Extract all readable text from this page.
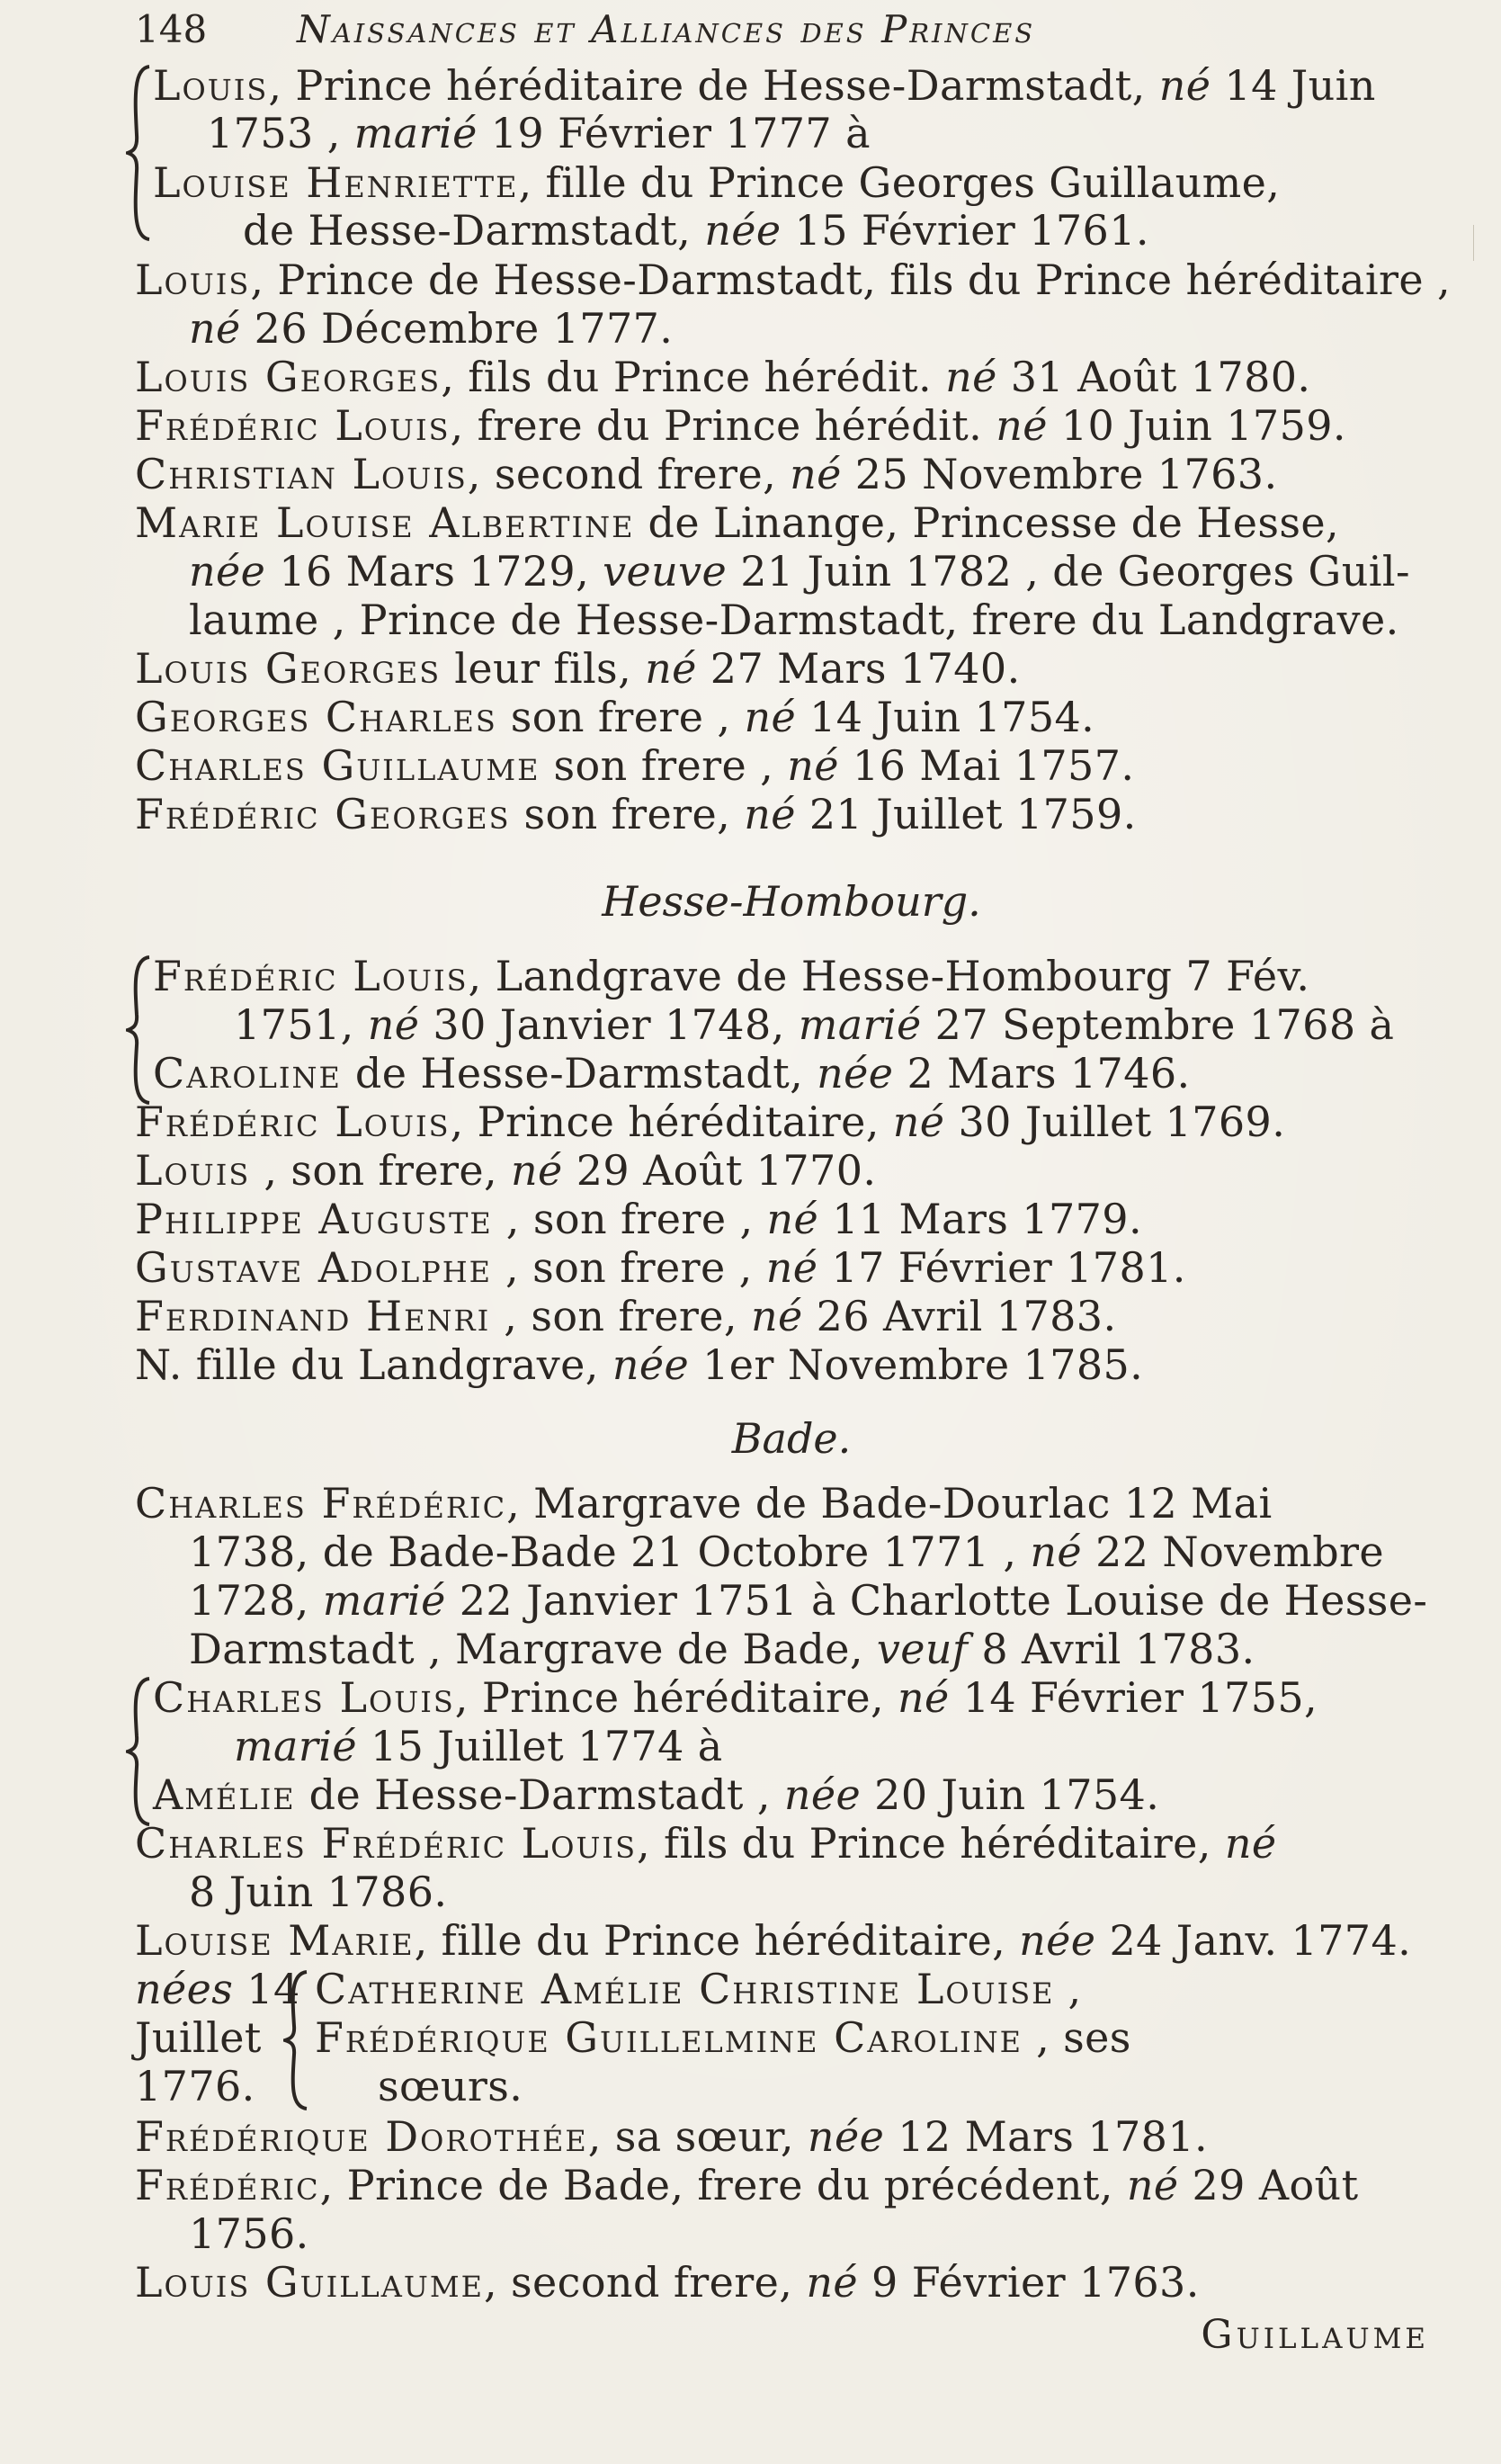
148 Naissances et Alliances des Princes
Louis, Prince héréditaire de Hesse-Darmstadt, né 14 Juin
1753 , marié 19 Février 1777 à
Louise Henriette, fille du Prince Georges Guillaume,
de Hesse-Darmstadt, née 15 Février 1761.
Louis, Prince de Hesse-Darmstadt, fils du Prince héréditaire ,
né 26 Décembre 1777.
Louis Georges, fils du Prince hérédit. né 31 Août 1780.
Frédéric Louis, frere du Prince hérédit. né 10 Juin 1759.
Christian Louis, second frere, né 25 Novembre 1763.
Marie Louise Albertine de Linange, Princesse de Hesse,
née 16 Mars 1729, veuve 21 Juin 1782 , de Georges Guil-
laume , Prince de Hesse-Darmstadt, frere du Landgrave.
Louis Georges leur fils, né 27 Mars 1740.
Georges Charles son frere , né 14 Juin 1754.
Charles Guillaume son frere , né 16 Mai 1757.
Frédéric Georges son frere, né 21 Juillet 1759.
Hesse-Hombourg.
Frédéric Louis, Landgrave de Hesse-Hombourg 7 Fév.
1751, né 30 Janvier 1748, marié 27 Septembre 1768 à
Caroline de Hesse-Darmstadt, née 2 Mars 1746.
Frédéric Louis, Prince héréditaire, né 30 Juillet 1769.
Louis , son frere, né 29 Août 1770.
Philippe Auguste , son frere , né 11 Mars 1779.
Gustave Adolphe , son frere , né 17 Février 1781.
Ferdinand Henri , son frere, né 26 Avril 1783.
N. fille du Landgrave, née 1er Novembre 1785.
Bade.
Charles Frédéric, Margrave de Bade-Dourlac 12 Mai
1738, de Bade-Bade 21 Octobre 1771 , né 22 Novembre
1728, marié 22 Janvier 1751 à Charlotte Louise de Hesse-
Darmstadt , Margrave de Bade, veuf 8 Avril 1783.
Charles Louis, Prince héréditaire, né 14 Février 1755,
marié 15 Juillet 1774 à
Amélie de Hesse-Darmstadt , née 20 Juin 1754.
Charles Frédéric Louis, fils du Prince héréditaire, né
8 Juin 1786.
Louise Marie, fille du Prince héréditaire, née 24 Janv. 1774.
nées 14
Juillet
1776.
Catherine Amélie Christine Louise ,
Frédérique Guillelmine Caroline , ses
sœurs.
Frédérique Dorothée, sa sœur, née 12 Mars 1781.
Frédéric, Prince de Bade, frere du précédent, né 29 Août
1756.
Louis Guillaume, second frere, né 9 Février 1763.
Guillaume
